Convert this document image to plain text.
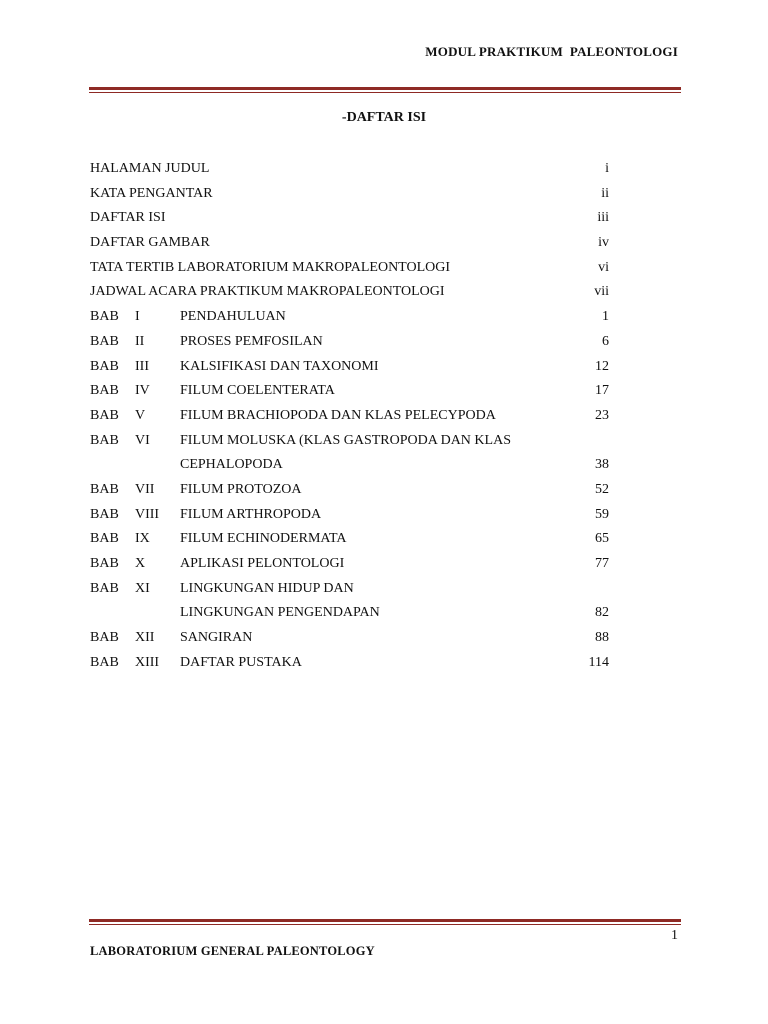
MODUL PRAKTIKUM  PALEONTOLOGI
-DAFTAR ISI
HALAMAN JUDUL	i
KATA PENGANTAR	ii
DAFTAR ISI	iii
DAFTAR GAMBAR	iv
TATA TERTIB LABORATORIUM MAKROPALEONTOLOGI	vi
JADWAL ACARA PRAKTIKUM MAKROPALEONTOLOGI	vii
BAB I	PENDAHULUAN	1
BAB II	PROSES PEMFOSILAN	6
BAB III KALSIFIKASI DAN TAXONOMI	12
BAB IV FILUM COELENTERATA	17
BAB V FILUM BRACHIOPODA DAN KLAS PELECYPODA	23
BAB VI FILUM MOLUSKA (KLAS GASTROPODA DAN KLAS
CEPHALOPODA	38
BAB VII FILUM PROTOZOA	52
BAB VIII FILUM ARTHROPODA	59
BAB IX FILUM ECHINODERMATA	65
BAB X APLIKASI PELONTOLOGI	77
BAB XI LINGKUNGAN HIDUP DAN
LINGKUNGAN PENGENDAPAN	82
BAB XII SANGIRAN	88
BAB XIII DAFTAR PUSTAKA	114
1
LABORATORIUM GENERAL PALEONTOLOGY
